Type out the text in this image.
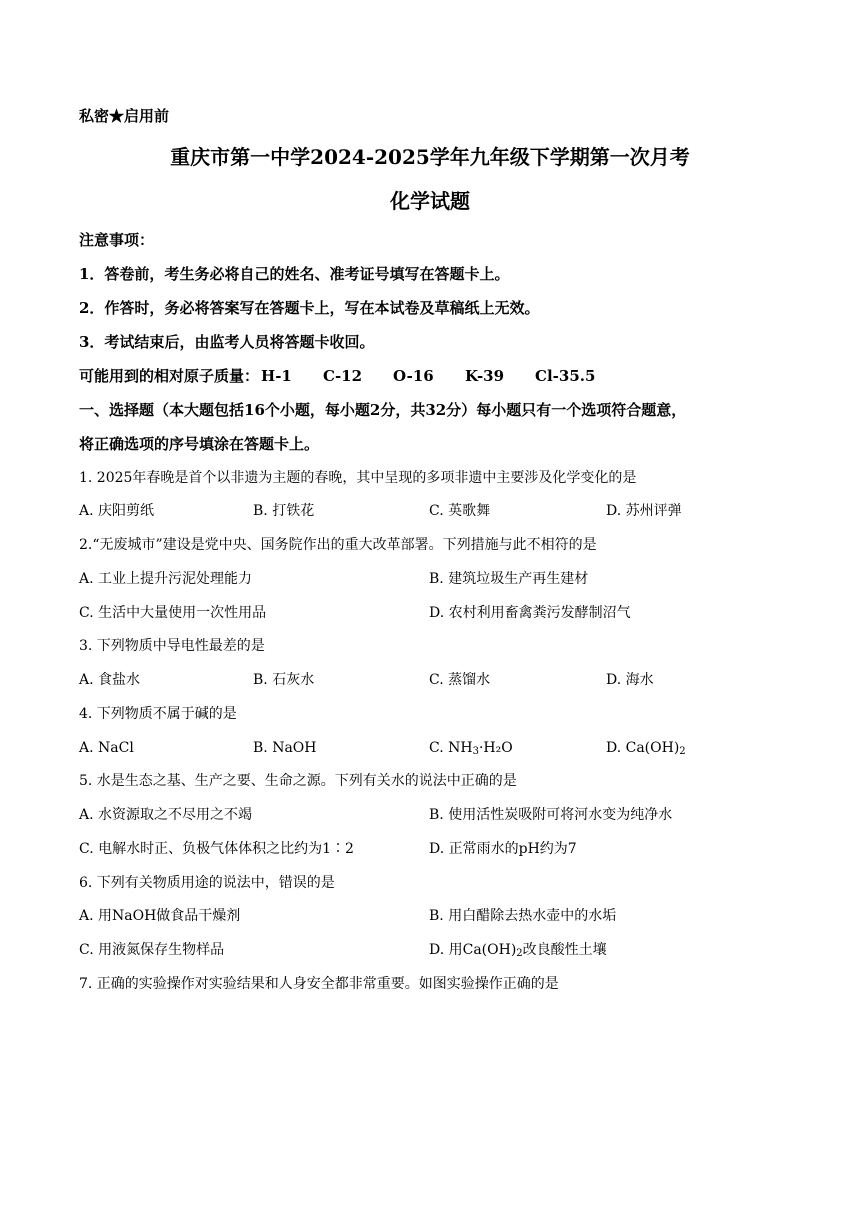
私密★启用前
重庆市第一中学2024-2025学年九年级下学期第一次月考
化学试题
注意事项：
1．答卷前，考生务必将自己的姓名、准考证号填写在答题卡上。
2．作答时，务必将答案写在答题卡上，写在本试卷及草稿纸上无效。
3．考试结束后，由监考人员将答题卡收回。
可能用到的相对原子质量： H-1 C-12 O-16 K-39 Cl-35.5
一、选择题（本大题包括16个小题，每小题2分，共32分）每小题只有一个选项符合题意，
将正确选项的序号填涂在答题卡上。
1. 2025年春晚是首个以非遗为主题的春晚，其中呈现的多项非遗中主要涉及化学变化的是
A. 庆阳剪纸	B. 打铁花	C. 英歌舞	D. 苏州评弹
2.“无废城市”建设是党中央、国务院作出的重大改革部署。下列措施与此不相符的是
A. 工业上提升污泥处理能力	B. 建筑垃圾生产再生建材
C. 生活中大量使用一次性用品	D. 农村利用畜禽粪污发酵制沼气
3. 下列物质中导电性最差的是
A. 食盐水	B. 石灰水	C. 蒸馏水	D. 海水
4. 下列物质不属于碱的是
A. NaCl	B. NaOH	C. $NH_3\cdot H_2O$	D. $Ca(OH)_2$
5. 水是生态之基、生产之要、生命之源。下列有关水的说法中正确的是
A. 水资源取之不尽用之不竭	B. 使用活性炭吸附可将河水变为纯净水
C. 电解水时正、负极气体体积之比约为1∶2	D. 正常雨水的pH约为7
6. 下列有关物质用途的说法中，错误的是
A. 用NaOH做食品干燥剂	B. 用白醋除去热水壶中的水垢
C. 用液氮保存生物样品	D. 用$Ca(OH)_2$改良酸性土壤
7. 正确的实验操作对实验结果和人身安全都非常重要。如图实验操作正确的是
